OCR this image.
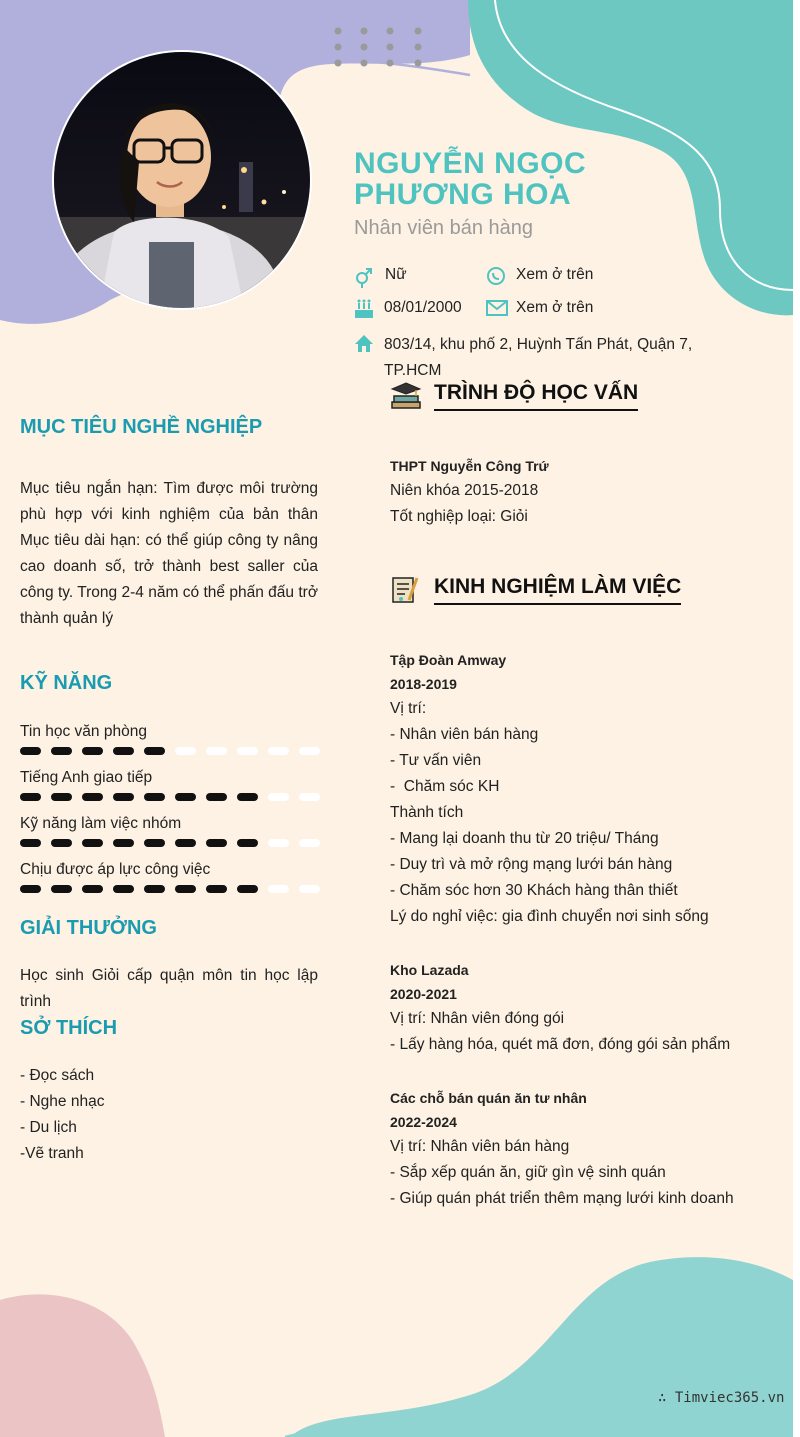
NGUYỄN NGỌC
PHƯƠNG HOA
Nhân viên bán hàng
Nữ	Xem ở trên
08/01/2000	Xem ở trên
803/14, khu phố 2, Huỳnh Tấn Phát, Quận 7,
TP.HCM
MỤC TIÊU NGHỀ NGHIỆP
Mục tiêu ngắn hạn: Tìm được môi trường phù hợp với kinh nghiệm của bản thân Mục tiêu dài hạn: có thể giúp công ty nâng cao doanh số, trở thành best saller của công ty. Trong 2-4 năm có thể phấn đấu trở thành quản lý
KỸ NĂNG
Tin học văn phòng
Tiếng Anh giao tiếp
Kỹ năng làm việc nhóm
Chịu được áp lực công việc
GIẢI THƯỞNG
Học sinh Giỏi cấp quận môn tin học lập trình
SỞ THÍCH
- Đọc sách
- Nghe nhạc
- Du lịch
-Vẽ tranh
TRÌNH ĐỘ HỌC VẤN
THPT Nguyễn Công Trứ
Niên khóa 2015-2018
Tốt nghiệp loại: Giỏi
KINH NGHIỆM LÀM VIỆC
Tập Đoàn Amway
2018-2019
Vị trí:
- Nhân viên bán hàng
- Tư vấn viên
-  Chăm sóc KH
Thành tích
- Mang lại doanh thu từ 20 triệu/ Tháng
- Duy trì và mở rộng mạng lưới bán hàng
- Chăm sóc hơn 30 Khách hàng thân thiết
Lý do nghỉ việc: gia đình chuyển nơi sinh sống
Kho Lazada
2020-2021
Vị trí: Nhân viên đóng gói
- Lấy hàng hóa, quét mã đơn, đóng gói sản phẩm
Các chỗ bán quán ăn tư nhân
2022-2024
Vị trí: Nhân viên bán hàng
- Sắp xếp quán ăn, giữ gìn vệ sinh quán
- Giúp quán phát triển thêm mạng lưới kinh doanh
∴ Timviec365.vn
